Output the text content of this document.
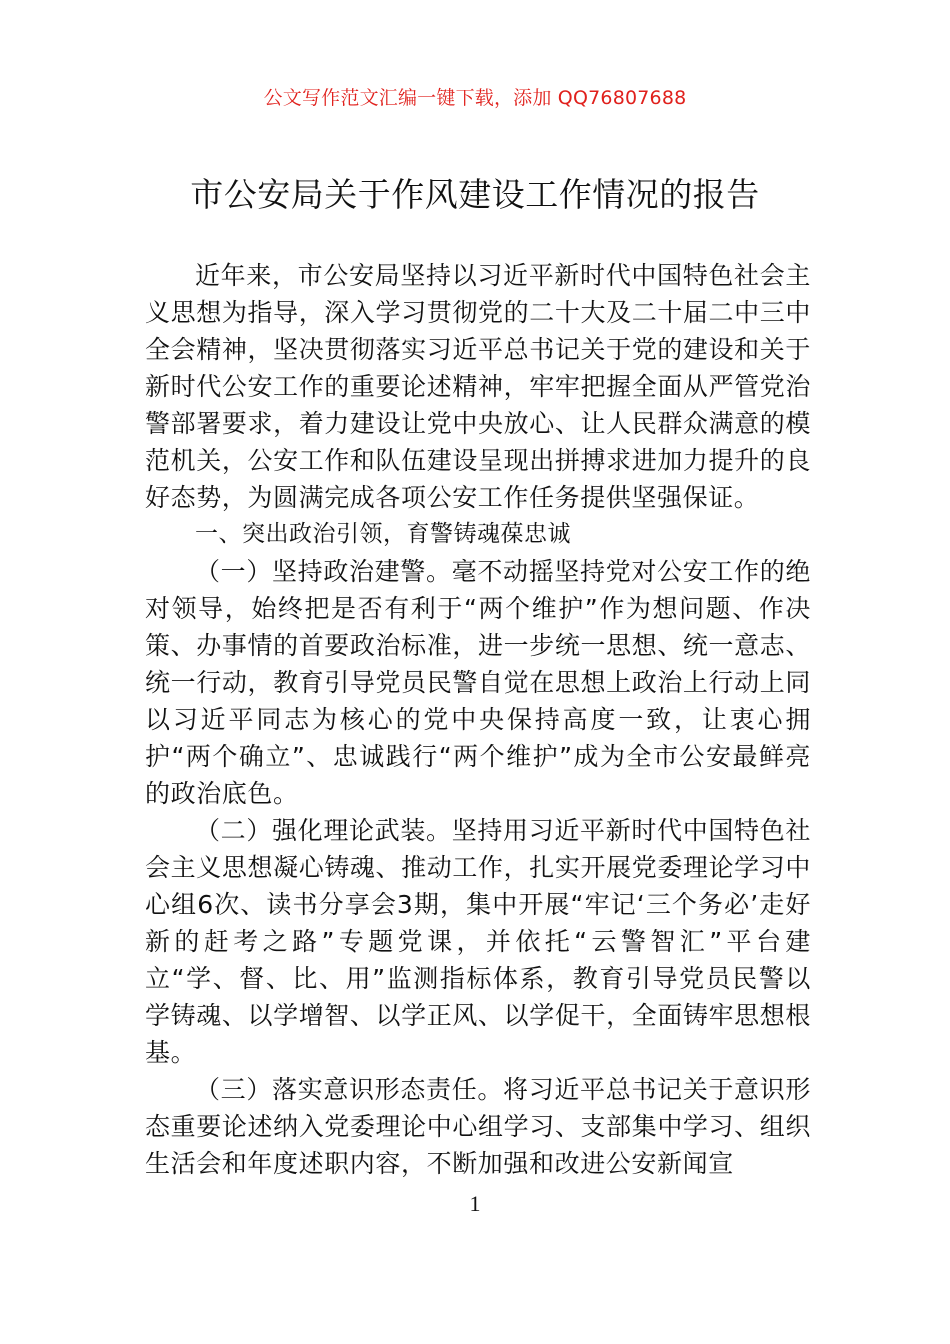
公文写作范文汇编一键下载，添加 QQ76807688
市公安局关于作风建设工作情况的报告

近年来，市公安局坚持以习近平新时代中国特色社会主义思想为指导，深入学习贯彻党的二十大及二十届二中三中全会精神，坚决贯彻落实习近平总书记关于党的建设和关于新时代公安工作的重要论述精神，牢牢把握全面从严管党治警部署要求，着力建设让党中央放心、让人民群众满意的模范机关，公安工作和队伍建设呈现出拼搏求进加力提升的良好态势，为圆满完成各项公安工作任务提供坚强保证。

一、突出政治引领，育警铸魂葆忠诚

（一）坚持政治建警。毫不动摇坚持党对公安工作的绝对领导，始终把是否有利于“两个维护”作为想问题、作决策、办事情的首要政治标准，进一步统一思想、统一意志、统一行动，教育引导党员民警自觉在思想上政治上行动上同以习近平同志为核心的党中央保持高度一致，让衷心拥护“两个确立”、忠诚践行“两个维护”成为全市公安最鲜亮的政治底色。

（二）强化理论武装。坚持用习近平新时代中国特色社会主义思想凝心铸魂、推动工作，扎实开展党委理论学习中心组6次、读书分享会3期，集中开展“牢记‘三个务必’走好新的赶考之路”专题党课，并依托“云警智汇”平台建立“学、督、比、用”监测指标体系，教育引导党员民警以学铸魂、以学增智、以学正风、以学促干，全面铸牢思想根基。

（三）落实意识形态责任。将习近平总书记关于意识形态重要论述纳入党委理论中心组学习、支部集中学习、组织生活会和年度述职内容，不断加强和改进公安新闻宣

1
